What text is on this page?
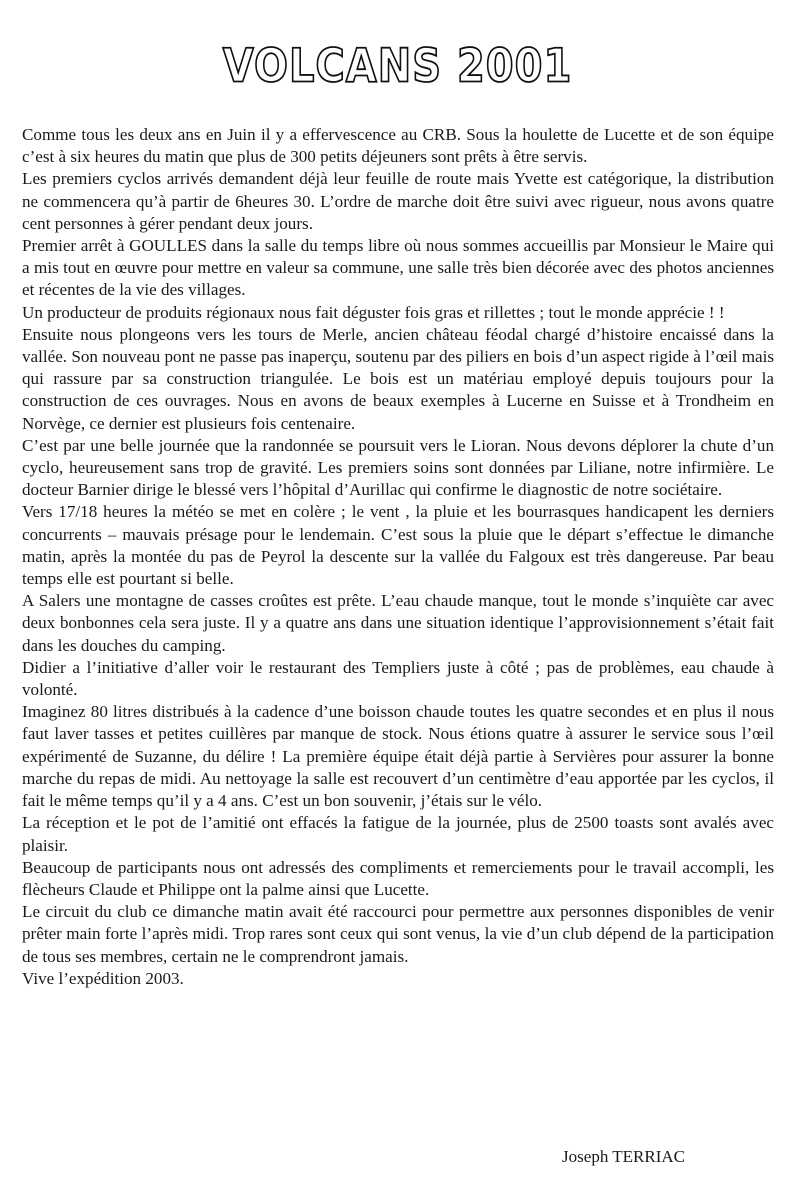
VOLCANS 2001

Comme tous les deux ans en Juin il y a effervescence au CRB. Sous la houlette de Lucette et de son équipe c’est à six heures du matin que plus de 300 petits déjeuners sont prêts à être servis.

Les premiers cyclos arrivés demandent déjà leur feuille de route mais Yvette est catégorique, la distribution ne commencera qu’à partir de 6heures 30. L’ordre de marche doit être suivi avec rigueur, nous avons quatre cent personnes à gérer pendant deux jours.

Premier arrêt à GOULLES dans la salle du temps libre où nous sommes accueillis par Monsieur le Maire qui a mis tout en œuvre pour mettre en valeur sa commune, une salle très bien décorée avec des photos anciennes et récentes de la vie des villages.

Un producteur de produits régionaux nous fait déguster fois gras et rillettes ; tout le monde apprécie ! !

Ensuite nous plongeons vers les tours de Merle, ancien château féodal chargé d’histoire encaissé dans la vallée. Son nouveau pont ne passe pas inaperçu, soutenu par des piliers en bois d’un aspect rigide à l’œil mais qui rassure par sa construction triangulée. Le bois est un matériau employé depuis toujours pour la construction de ces ouvrages. Nous en avons de beaux exemples à Lucerne en Suisse et à Trondheim en Norvège, ce dernier est plusieurs fois centenaire.

C’est par une belle journée que la randonnée se poursuit vers le Lioran. Nous devons déplorer la chute d’un cyclo, heureusement sans trop de gravité. Les premiers soins sont données par Liliane, notre infirmière. Le docteur Barnier dirige le blessé vers l’hôpital d’Aurillac qui confirme le diagnostic de notre sociétaire.

Vers 17/18 heures la météo se met en colère ; le vent , la pluie et les bourrasques handicapent les derniers concurrents – mauvais présage pour le lendemain. C’est sous la pluie que le départ s’effectue le dimanche matin, après la montée du pas de Peyrol la descente sur la vallée du Falgoux est très dangereuse. Par beau temps elle est pourtant si belle.

A Salers une montagne de casses croûtes est prête. L’eau chaude manque, tout le monde s’inquiète car avec deux bonbonnes cela sera juste. Il y a quatre ans dans une situation identique l’approvisionnement s’était fait dans les douches du camping.

Didier a l’initiative d’aller voir le restaurant des Templiers juste à côté ; pas de problèmes, eau chaude à volonté.

Imaginez 80 litres distribués à la cadence d’une boisson chaude toutes les quatre secondes et en plus il nous faut laver tasses et petites cuillères par manque de stock. Nous étions quatre à assurer le service sous l’œil expérimenté de Suzanne, du délire ! La première équipe était déjà partie à Servières pour assurer la bonne marche du repas de midi. Au nettoyage la salle est recouvert d’un centimètre d’eau apportée par les cyclos, il fait le même temps qu’il y a 4 ans. C’est un bon souvenir, j’étais sur le vélo.

La réception et le pot de l’amitié ont effacés la fatigue de la journée, plus de 2500 toasts sont avalés avec plaisir.

Beaucoup de participants nous ont adressés des compliments et remerciements pour le travail accompli, les flècheurs Claude et Philippe ont la palme ainsi que Lucette.

Le circuit du club ce dimanche matin avait été raccourci pour permettre aux personnes disponibles de venir prêter main forte l’après midi. Trop rares sont ceux qui sont venus, la vie d’un club dépend de la participation de tous ses membres, certain ne le comprendront jamais.

Vive l’expédition 2003.

Joseph TERRIAC
